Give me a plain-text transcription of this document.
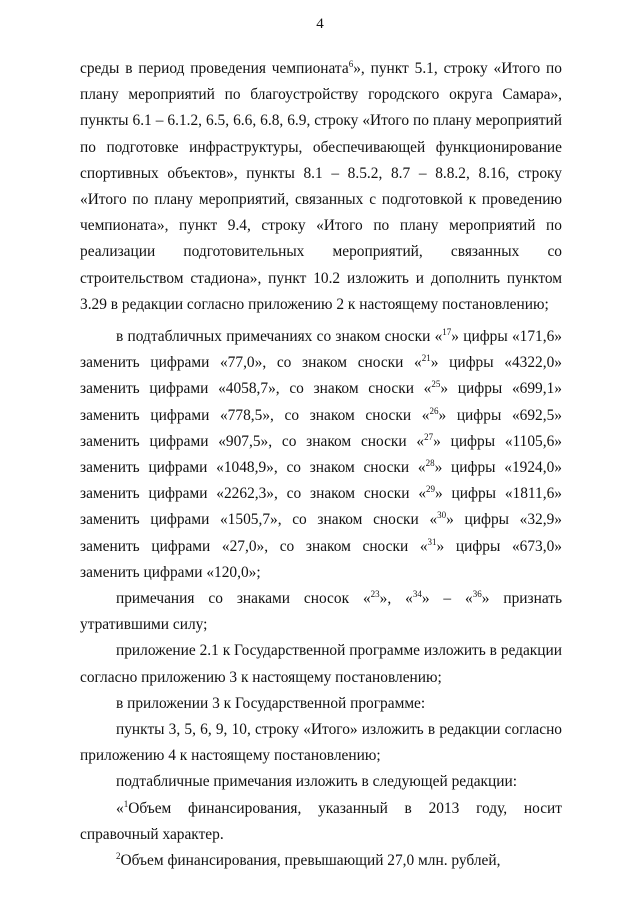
4

среды в период проведения чемпионата$^6$», пункт 5.1, строку «Итого по плану мероприятий по благоустройству городского округа Самара», пункты 6.1 – 6.1.2, 6.5, 6.6, 6.8, 6.9, строку «Итого по плану мероприятий по подготовке инфраструктуры, обеспечивающей функционирование спортивных объектов», пункты 8.1 – 8.5.2, 8.7 – 8.8.2, 8.16, строку «Итого по плану мероприятий, связанных с подготовкой к проведению чемпионата», пункт 9.4, строку «Итого по плану мероприятий по реализации подготовительных мероприятий, связанных со строительством стадиона», пункт 10.2 изложить и дополнить пунктом 3.29 в редакции согласно приложению 2 к настоящему постановлению;

в подтабличных примечаниях со знаком сноски «$^{17}$» цифры «171,6» заменить цифрами «77,0», со знаком сноски «$^{21}$» цифры «4322,0» заменить цифрами «4058,7», со знаком сноски «$^{25}$» цифры «699,1» заменить цифрами «778,5», со знаком сноски «$^{26}$» цифры «692,5» заменить цифрами «907,5», со знаком сноски «$^{27}$» цифры «1105,6» заменить цифрами «1048,9», со знаком сноски «$^{28}$» цифры «1924,0» заменить цифрами «2262,3», со знаком сноски «$^{29}$» цифры «1811,6» заменить цифрами «1505,7», со знаком сноски «$^{30}$» цифры «32,9» заменить цифрами «27,0», со знаком сноски «$^{31}$» цифры «673,0» заменить цифрами «120,0»;

примечания со знаками сносок «$^{23}$», «$^{34}$» – «$^{36}$» признать утратившими силу;

приложение 2.1 к Государственной программе изложить в редакции согласно приложению 3 к настоящему постановлению;

в приложении 3 к Государственной программе:

пункты 3, 5, 6, 9, 10, строку «Итого» изложить в редакции согласно приложению 4 к настоящему постановлению;

подтабличные примечания изложить в следующей редакции:

«$^1$Объем финансирования, указанный в 2013 году, носит справочный характер.

$^2$Объем финансирования, превышающий 27,0 млн. рублей,
